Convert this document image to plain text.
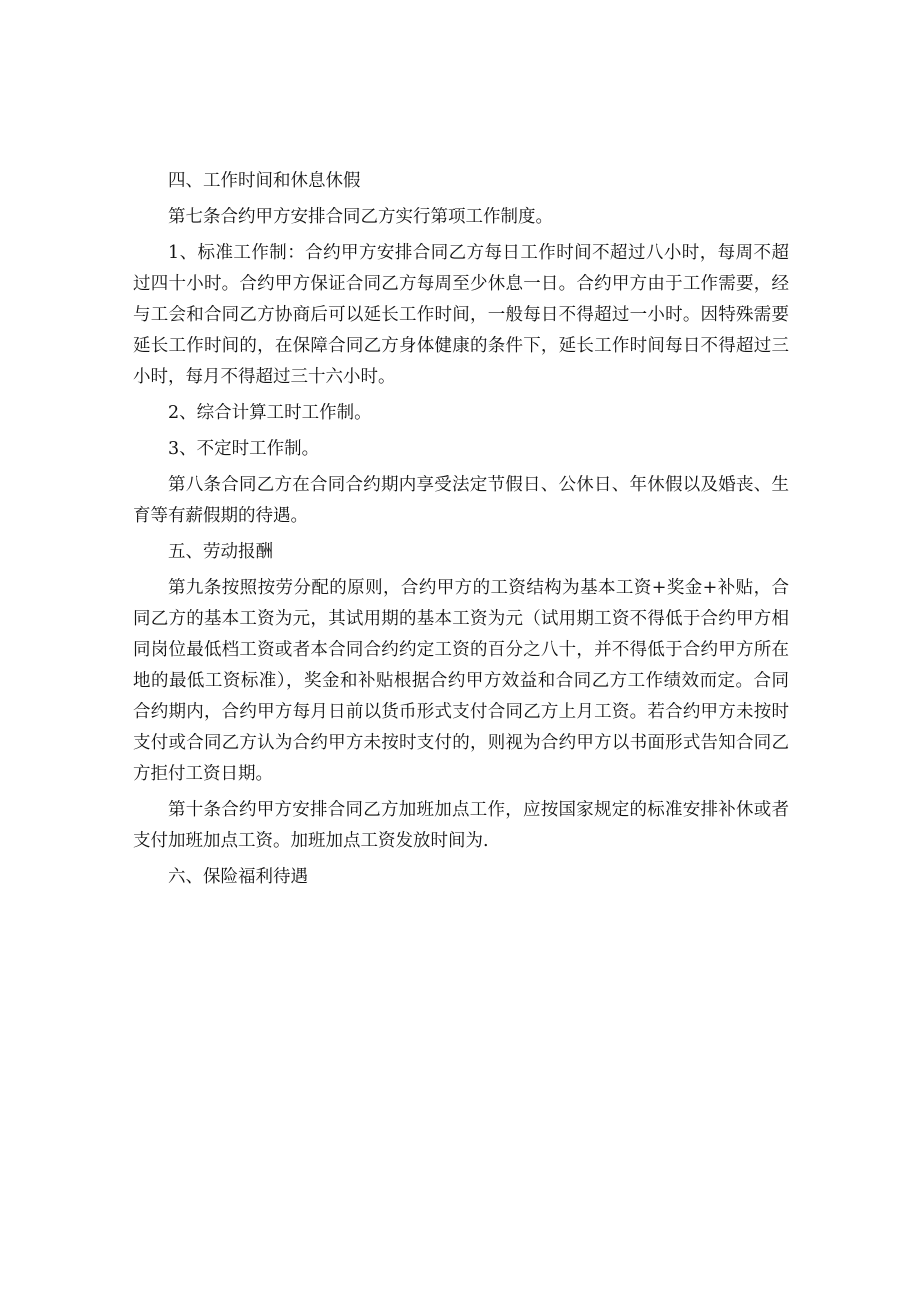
四、工作时间和休息休假

第七条合约甲方安排合同乙方实行第项工作制度。

1、标准工作制：合约甲方安排合同乙方每日工作时间不超过八小时，每周不超过四十小时。合约甲方保证合同乙方每周至少休息一日。合约甲方由于工作需要，经与工会和合同乙方协商后可以延长工作时间，一般每日不得超过一小时。因特殊需要延长工作时间的，在保障合同乙方身体健康的条件下，延长工作时间每日不得超过三小时，每月不得超过三十六小时。

2、综合计算工时工作制。

3、不定时工作制。

第八条合同乙方在合同合约期内享受法定节假日、公休日、年休假以及婚丧、生育等有薪假期的待遇。

五、劳动报酬

第九条按照按劳分配的原则，合约甲方的工资结构为基本工资+奖金+补贴，合同乙方的基本工资为元，其试用期的基本工资为元（试用期工资不得低于合约甲方相同岗位最低档工资或者本合同合约约定工资的百分之八十，并不得低于合约甲方所在地的最低工资标准），奖金和补贴根据合约甲方效益和合同乙方工作绩效而定。合同合约期内，合约甲方每月日前以货币形式支付合同乙方上月工资。若合约甲方未按时支付或合同乙方认为合约甲方未按时支付的，则视为合约甲方以书面形式告知合同乙方拒付工资日期。

第十条合约甲方安排合同乙方加班加点工作，应按国家规定的标准安排补休或者支付加班加点工资。加班加点工资发放时间为.

六、保险福利待遇
